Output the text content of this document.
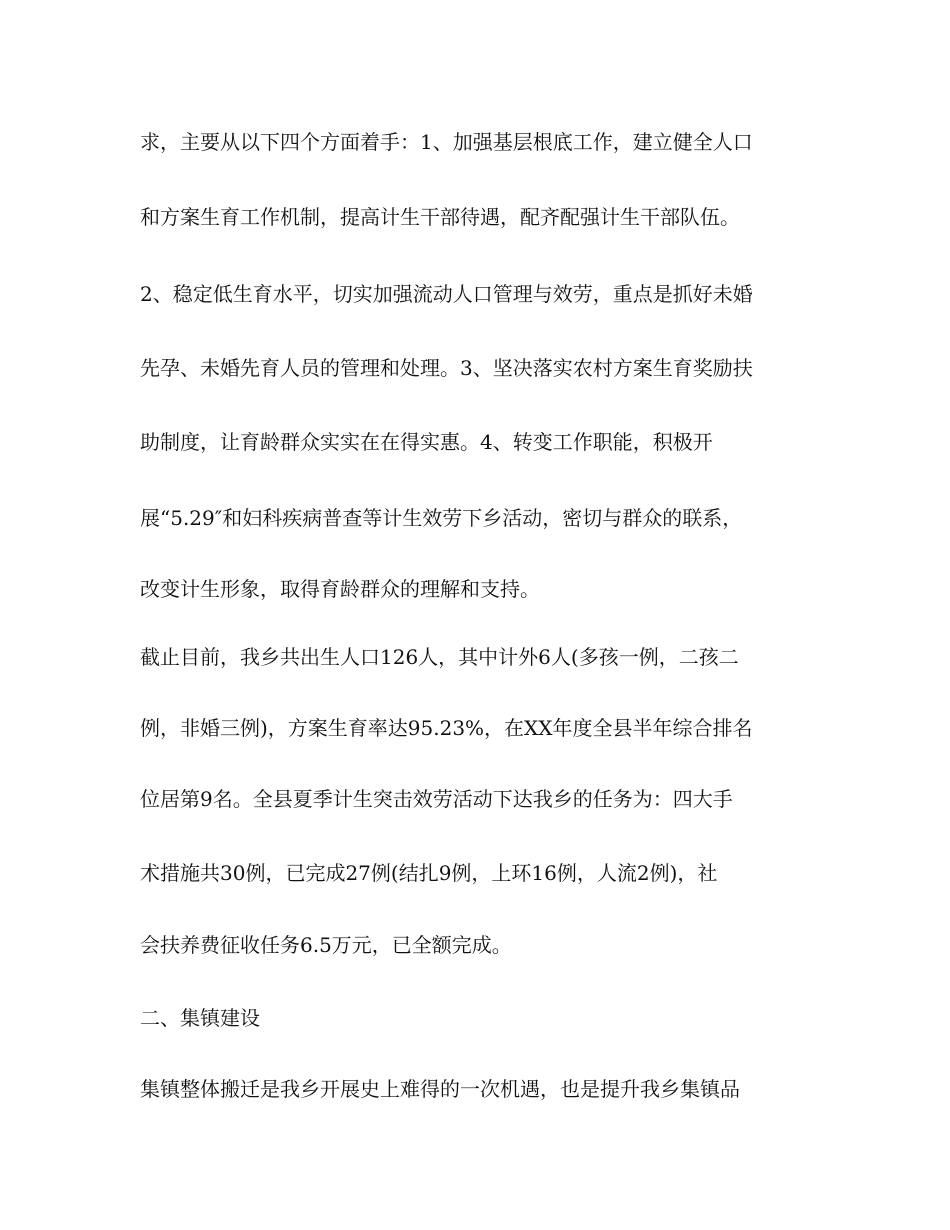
求，主要从以下四个方面着手：1、加强基层根底工作，建立健全人口

和方案生育工作机制，提高计生干部待遇，配齐配强计生干部队伍。

2、稳定低生育水平，切实加强流动人口管理与效劳，重点是抓好未婚

先孕、未婚先育人员的管理和处理。3、坚决落实农村方案生育奖励扶

助制度，让育龄群众实实在在得实惠。4、转变工作职能，积极开

展“5.29″和妇科疾病普查等计生效劳下乡活动，密切与群众的联系，

改变计生形象，取得育龄群众的理解和支持。

截止目前，我乡共出生人口126人，其中计外6人(多孩一例，二孩二

例，非婚三例)，方案生育率达95.23%，在XX年度全县半年综合排名

位居第9名。全县夏季计生突击效劳活动下达我乡的任务为：四大手

术措施共30例，已完成27例(结扎9例，上环16例，人流2例)，社

会扶养费征收任务6.5万元，已全额完成。

二、集镇建设

集镇整体搬迁是我乡开展史上难得的一次机遇，也是提升我乡集镇品
